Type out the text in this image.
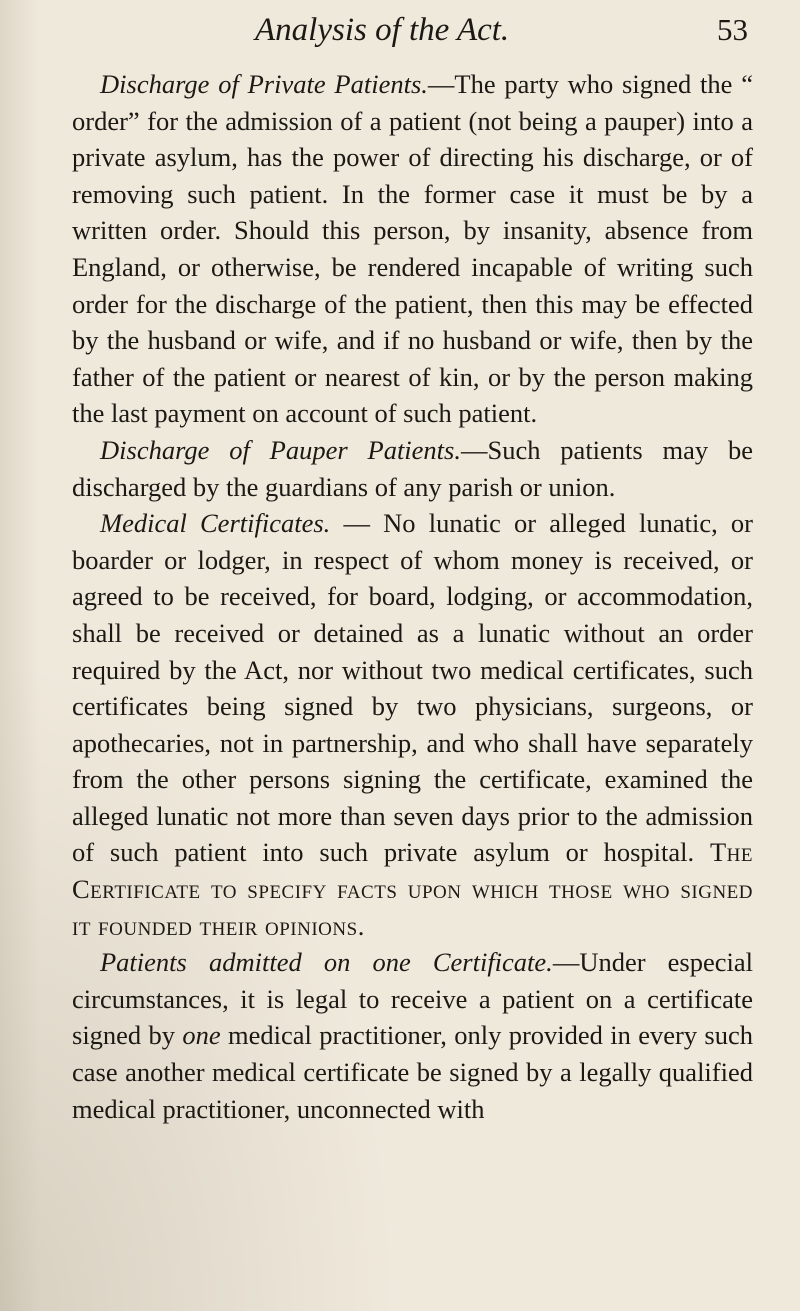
Analysis of the Act.	53

Discharge of Private Patients.—The party who signed the “ order” for the admission of a patient (not being a pauper) into a private asylum, has the power of directing his discharge, or of removing such patient. In the former case it must be by a written order. Should this person, by insanity, absence from England, or otherwise, be rendered incapable of writing such order for the discharge of the patient, then this may be effected by the husband or wife, and if no husband or wife, then by the father of the patient or nearest of kin, or by the person making the last payment on account of such patient.

Discharge of Pauper Patients.—Such patients may be discharged by the guardians of any parish or union.

Medical Certificates. — No lunatic or alleged lunatic, or boarder or lodger, in respect of whom money is received, or agreed to be received, for board, lodging, or accommodation, shall be received or detained as a lunatic without an order required by the Act, nor without two medical certificates, such certificates being signed by two physicians, surgeons, or apothecaries, not in partnership, and who shall have separately from the other persons signing the certificate, examined the alleged lunatic not more than seven days prior to the admission of such patient into such private asylum or hospital. The Certificate to specify facts upon which those who signed it founded their opinions.

Patients admitted on one Certificate.—Under especial circumstances, it is legal to receive a patient on a certificate signed by one medical practitioner, only provided in every such case another medical certificate be signed by a legally qualified medical practitioner, unconnected with
